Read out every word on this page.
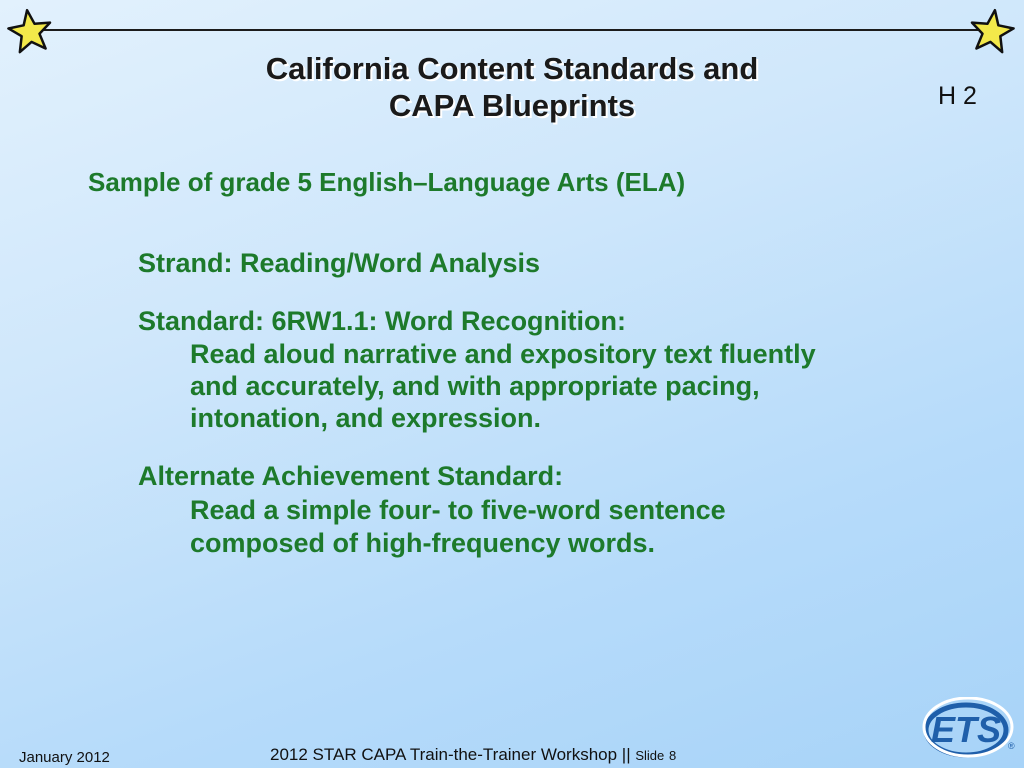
California Content Standards and
CAPA Blueprints	H 2
Sample of grade 5 English–Language Arts (ELA)
Strand: Reading/Word Analysis
Standard: 6RW1.1: Word Recognition:
Read aloud narrative and expository text fluently
and accurately, and with appropriate pacing,
intonation, and expression.
Alternate Achievement Standard:
Read a simple four- to five-word sentence
composed of high-frequency words.
January 2012	2012 STAR CAPA Train-the-Trainer Workshop || Slide 8
ETS ®
